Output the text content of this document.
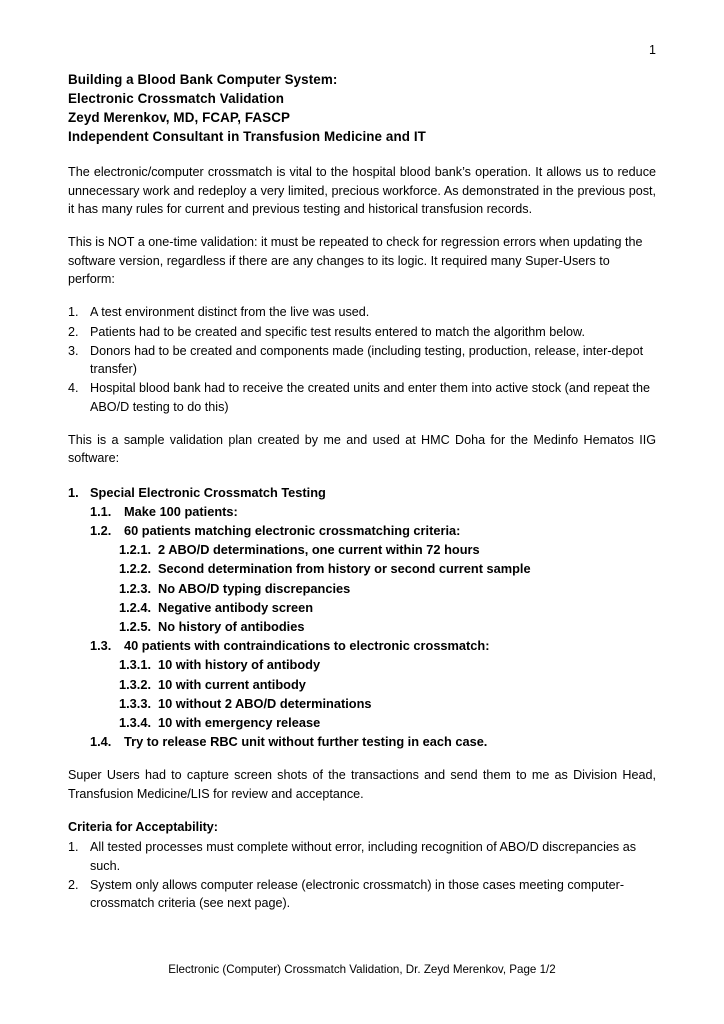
1
Building a Blood Bank Computer System:
Electronic Crossmatch Validation
Zeyd Merenkov, MD, FCAP, FASCP
Independent Consultant in Transfusion Medicine and IT

The electronic/computer crossmatch is vital to the hospital blood bank’s operation. It allows us to reduce unnecessary work and redeploy a very limited, precious workforce. As demonstrated in the previous post, it has many rules for current and previous testing and historical transfusion records.

This is NOT a one-time validation: it must be repeated to check for regression errors when updating the software version, regardless if there are any changes to its logic. It required many Super-Users to perform:

1. A test environment distinct from the live was used.
2. Patients had to be created and specific test results entered to match the algorithm below.
3. Donors had to be created and components made (including testing, production, release, inter-depot transfer)
4. Hospital blood bank had to receive the created units and enter them into active stock (and repeat the ABO/D testing to do this)

This is a sample validation plan created by me and used at HMC Doha for the Medinfo Hematos IIG software:

1. Special Electronic Crossmatch Testing
1.1. Make 100 patients:
1.2. 60 patients matching electronic crossmatching criteria:
1.2.1. 2 ABO/D determinations, one current within 72 hours
1.2.2. Second determination from history or second current sample
1.2.3. No ABO/D typing discrepancies
1.2.4. Negative antibody screen
1.2.5. No history of antibodies
1.3. 40 patients with contraindications to electronic crossmatch:
1.3.1. 10 with history of antibody
1.3.2. 10 with current antibody
1.3.3. 10 without 2 ABO/D determinations
1.3.4. 10 with emergency release
1.4. Try to release RBC unit without further testing in each case.

Super Users had to capture screen shots of the transactions and send them to me as Division Head, Transfusion Medicine/LIS for review and acceptance.

Criteria for Acceptability:
1. All tested processes must complete without error, including recognition of ABO/D discrepancies as such.
2. System only allows computer release (electronic crossmatch) in those cases meeting computer-crossmatch criteria (see next page).
Electronic (Computer) Crossmatch Validation, Dr. Zeyd Merenkov, Page 1/2
